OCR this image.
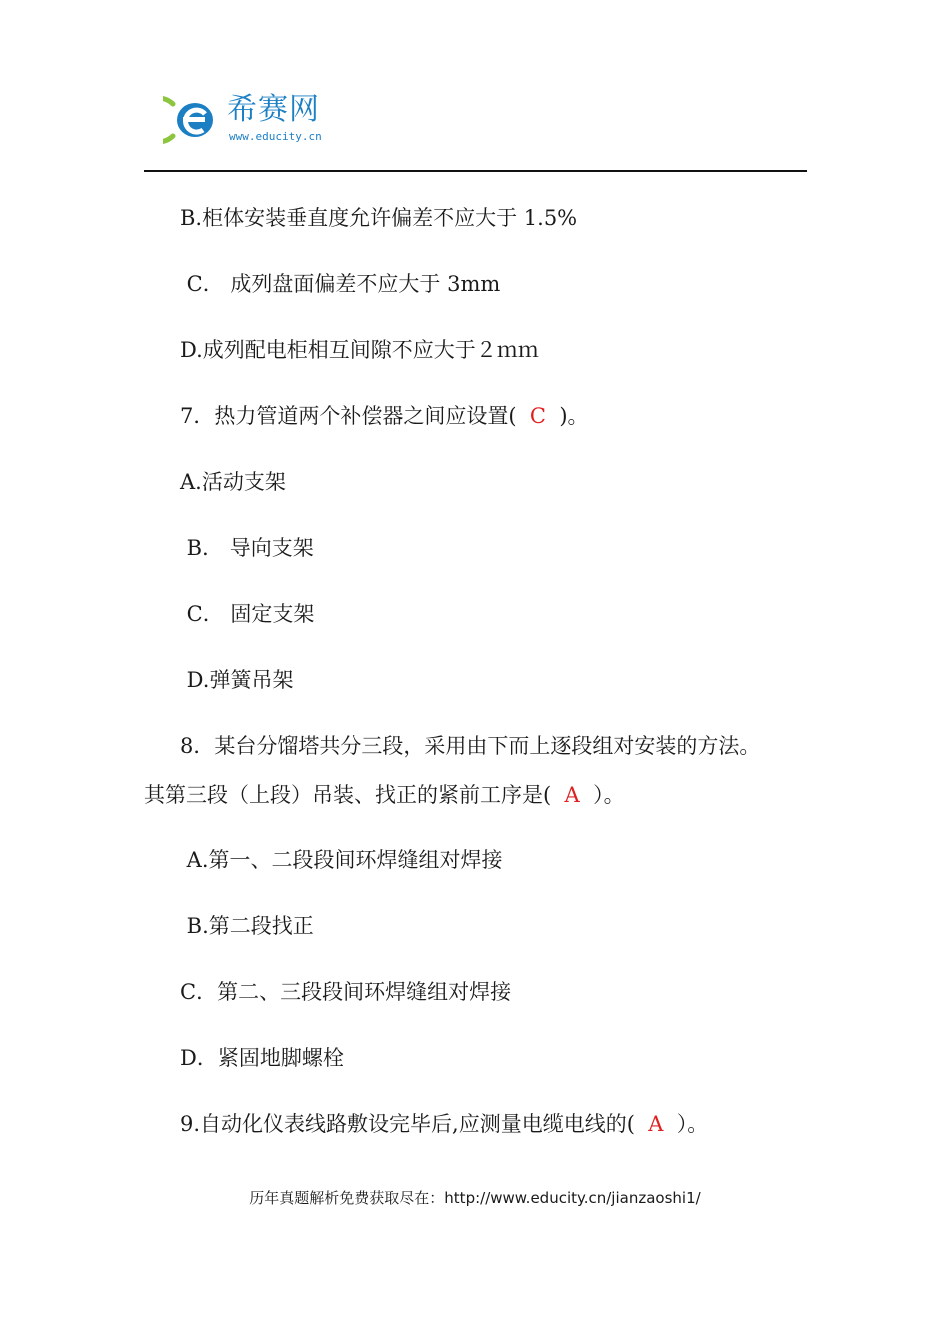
希赛网
www.educity.cn
B.柜体安装垂直度允许偏差不应大于 1.5%
C． 成列盘面偏差不应大于 3mm
D.成列配电柜相互间隙不应大于２ｍｍ
7．热力管道两个补偿器之间应设置(  C  )。
A.活动支架
B． 导向支架
C． 固定支架
D.弹簧吊架
8．某台分馏塔共分三段，采用由下而上逐段组对安装的方法。
其第三段（上段）吊装、找正的紧前工序是(  A  ）。
A.第一、二段段间环焊缝组对焊接
B.第二段找正
C．第二、三段段间环焊缝组对焊接
D．紧固地脚螺栓
9.自动化仪表线路敷设完毕后,应测量电缆电线的(  A  ）。
历年真题解析免费获取尽在：http://www.educity.cn/jianzaoshi1/
